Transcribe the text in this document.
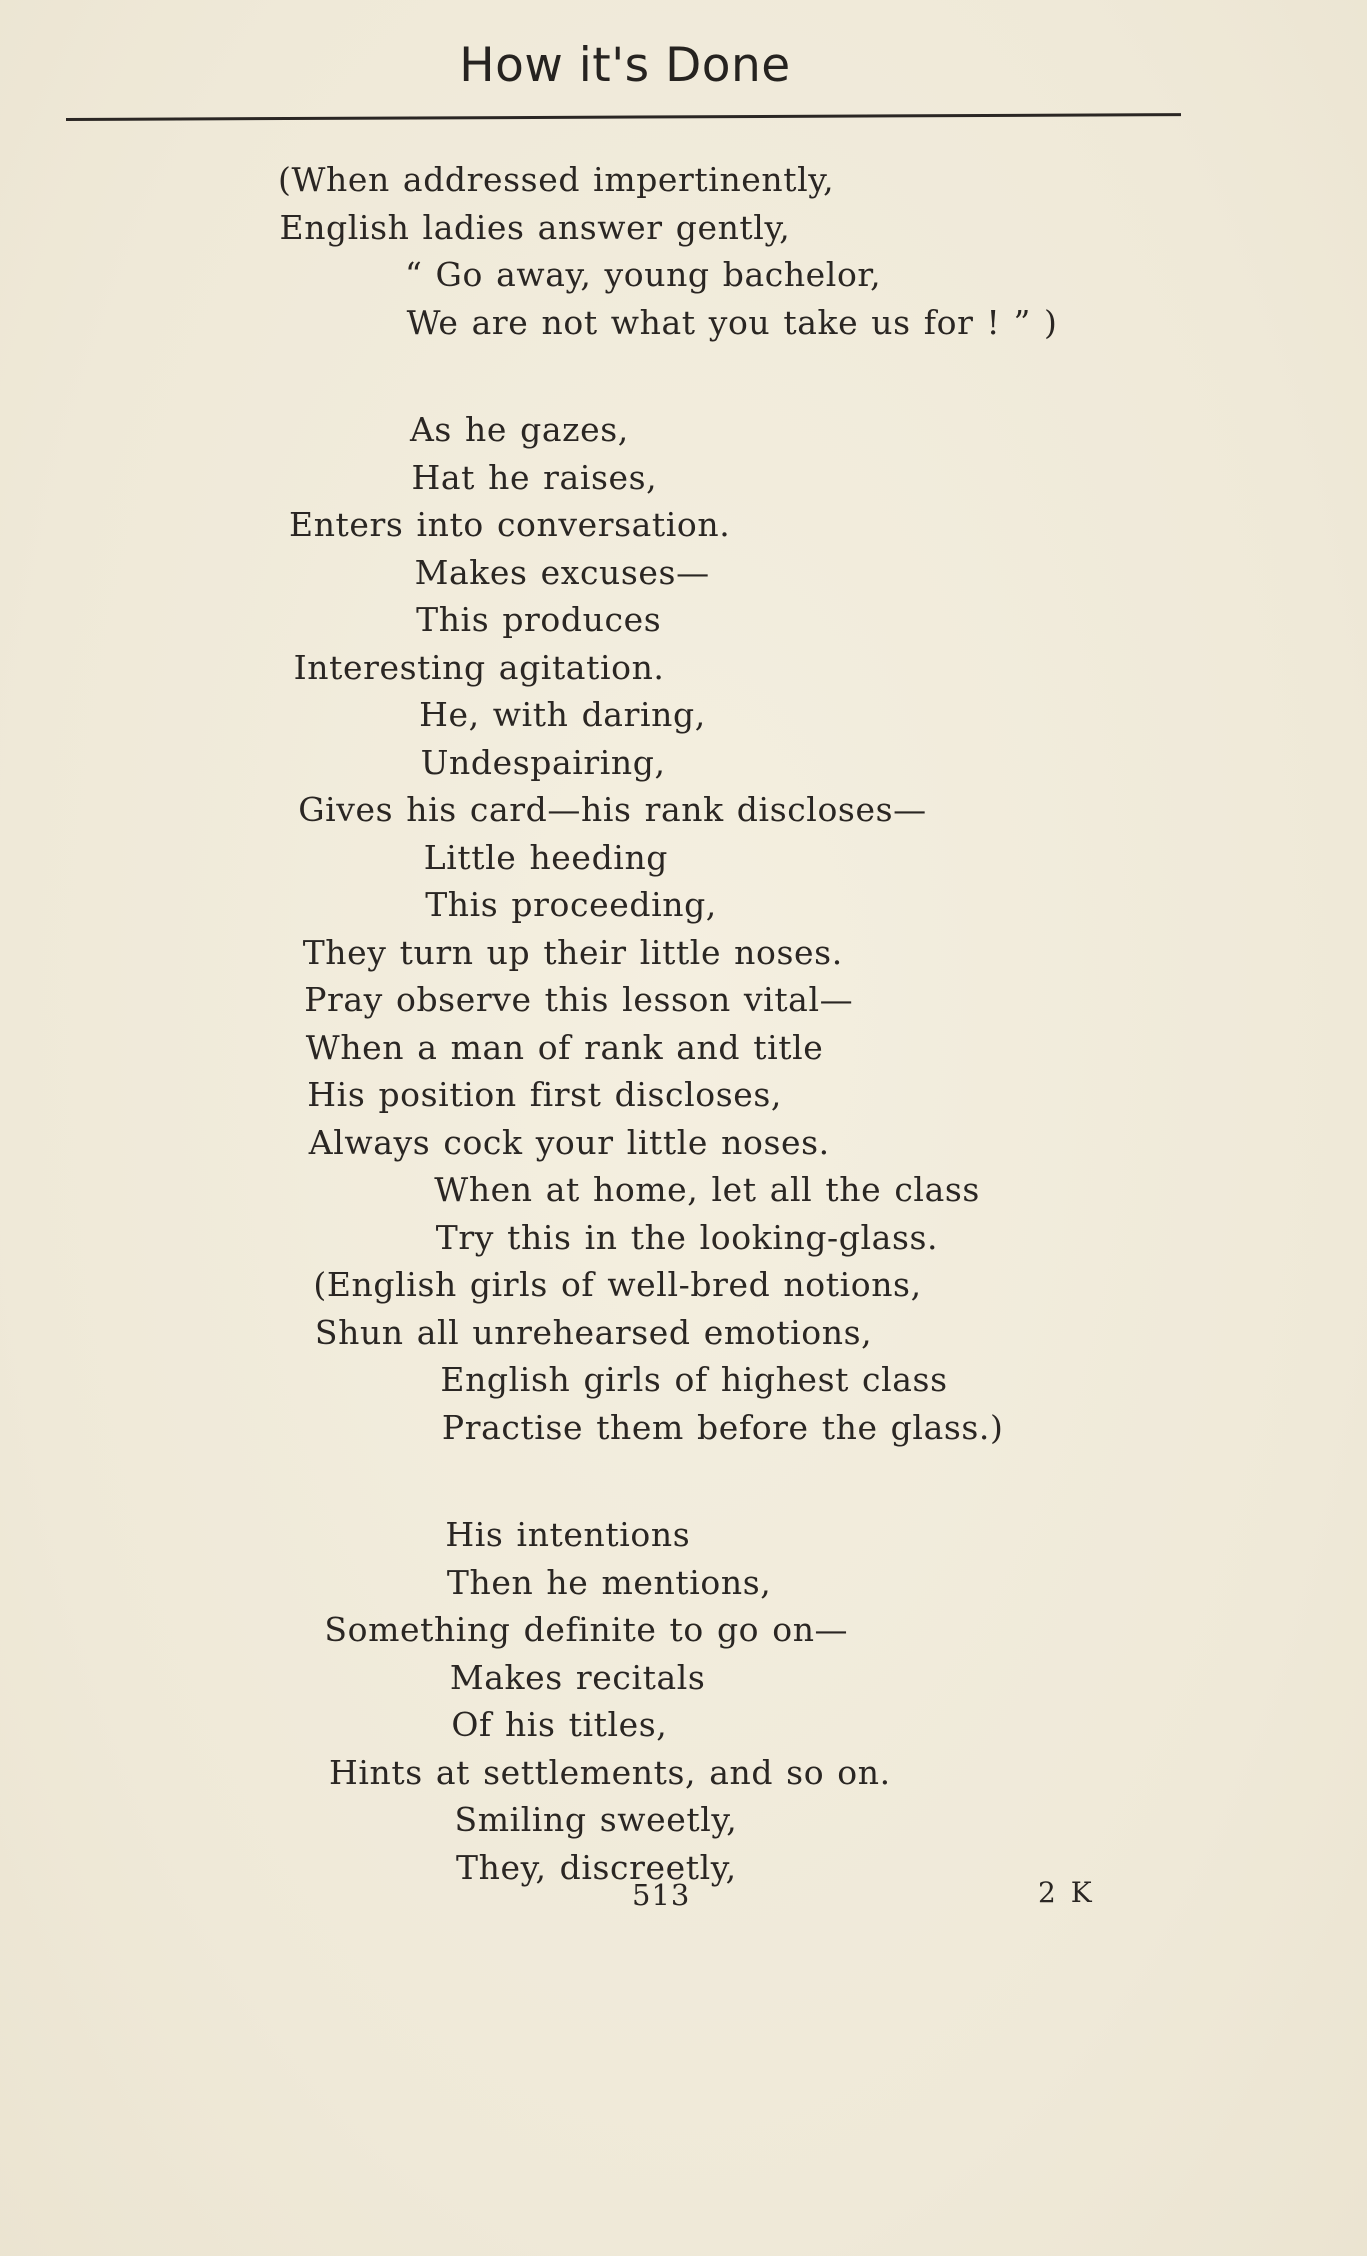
How it's Done
(When addressed impertinently,
English ladies answer gently,
“ Go away, young bachelor,
We are not what you take us for ! ” )
As he gazes,
Hat he raises,
Enters into conversation.
Makes excuses—
This produces
Interesting agitation.
He, with daring,
Undespairing,
Gives his card—his rank discloses—
Little heeding
This proceeding,
They turn up their little noses.
Pray observe this lesson vital—
When a man of rank and title
His position first discloses,
Always cock your little noses.
When at home, let all the class
Try this in the looking-glass.
(English girls of well-bred notions,
Shun all unrehearsed emotions,
English girls of highest class
Practise them before the glass.)
His intentions
Then he mentions,
Something definite to go on—
Makes recitals
Of his titles,
Hints at settlements, and so on.
Smiling sweetly,
They, discreetly,
513	2 K
